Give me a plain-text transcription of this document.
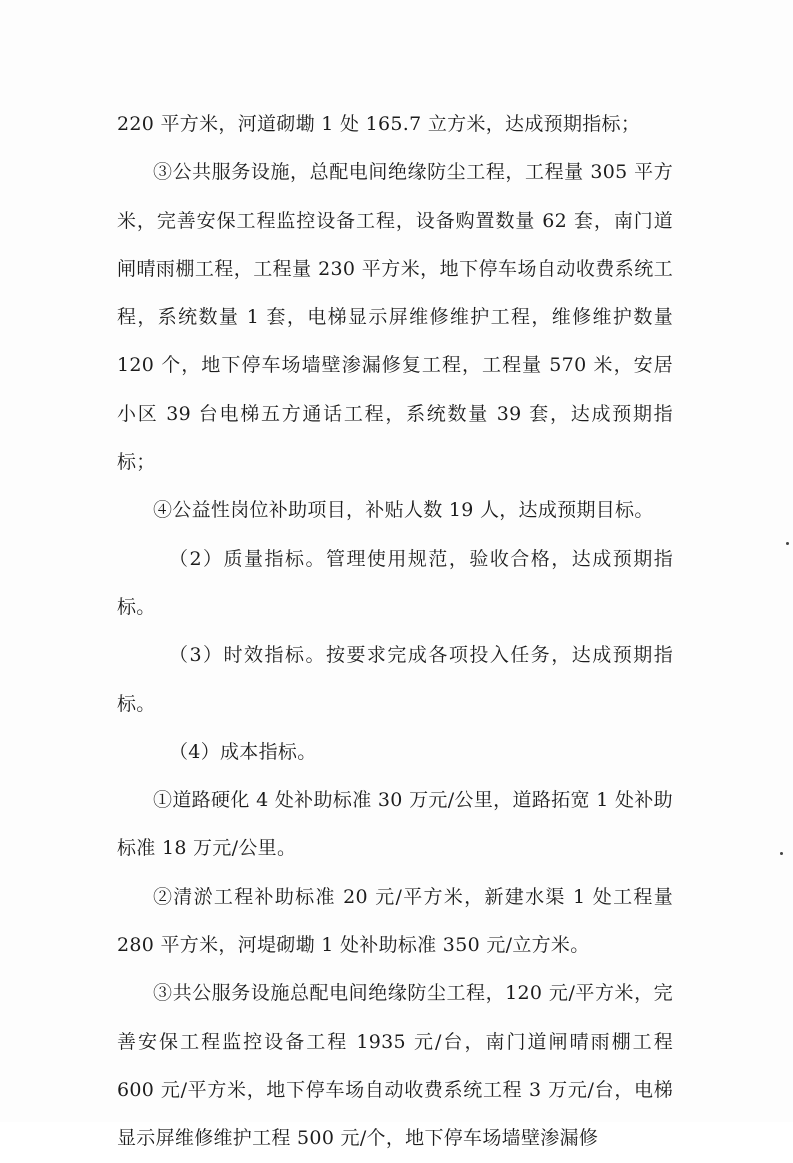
220 平方米，河道砌墈 1 处 165.7 立方米，达成预期指标；

③公共服务设施，总配电间绝缘防尘工程，工程量 305 平方米，完善安保工程监控设备工程，设备购置数量 62 套，南门道闸晴雨棚工程，工程量 230 平方米，地下停车场自动收费系统工程，系统数量 1 套，电梯显示屏维修维护工程，维修维护数量 120 个，地下停车场墙壁渗漏修复工程，工程量 570 米，安居小区 39 台电梯五方通话工程，系统数量 39 套，达成预期指标；

④公益性岗位补助项目，补贴人数 19 人，达成预期目标。

（2）质量指标。管理使用规范，验收合格，达成预期指标。

（3）时效指标。按要求完成各项投入任务，达成预期指标。

（4）成本指标。

①道路硬化 4 处补助标准 30 万元/公里，道路拓宽 1 处补助标准 18 万元/公里。

②清淤工程补助标准 20 元/平方米，新建水渠 1 处工程量 280 平方米，河堤砌墈 1 处补助标准 350 元/立方米。

③共公服务设施总配电间绝缘防尘工程，120 元/平方米，完善安保工程监控设备工程 1935 元/台，南门道闸晴雨棚工程 600 元/平方米，地下停车场自动收费系统工程 3 万元/台，电梯显示屏维修维护工程 500 元/个，地下停车场墙壁渗漏修
